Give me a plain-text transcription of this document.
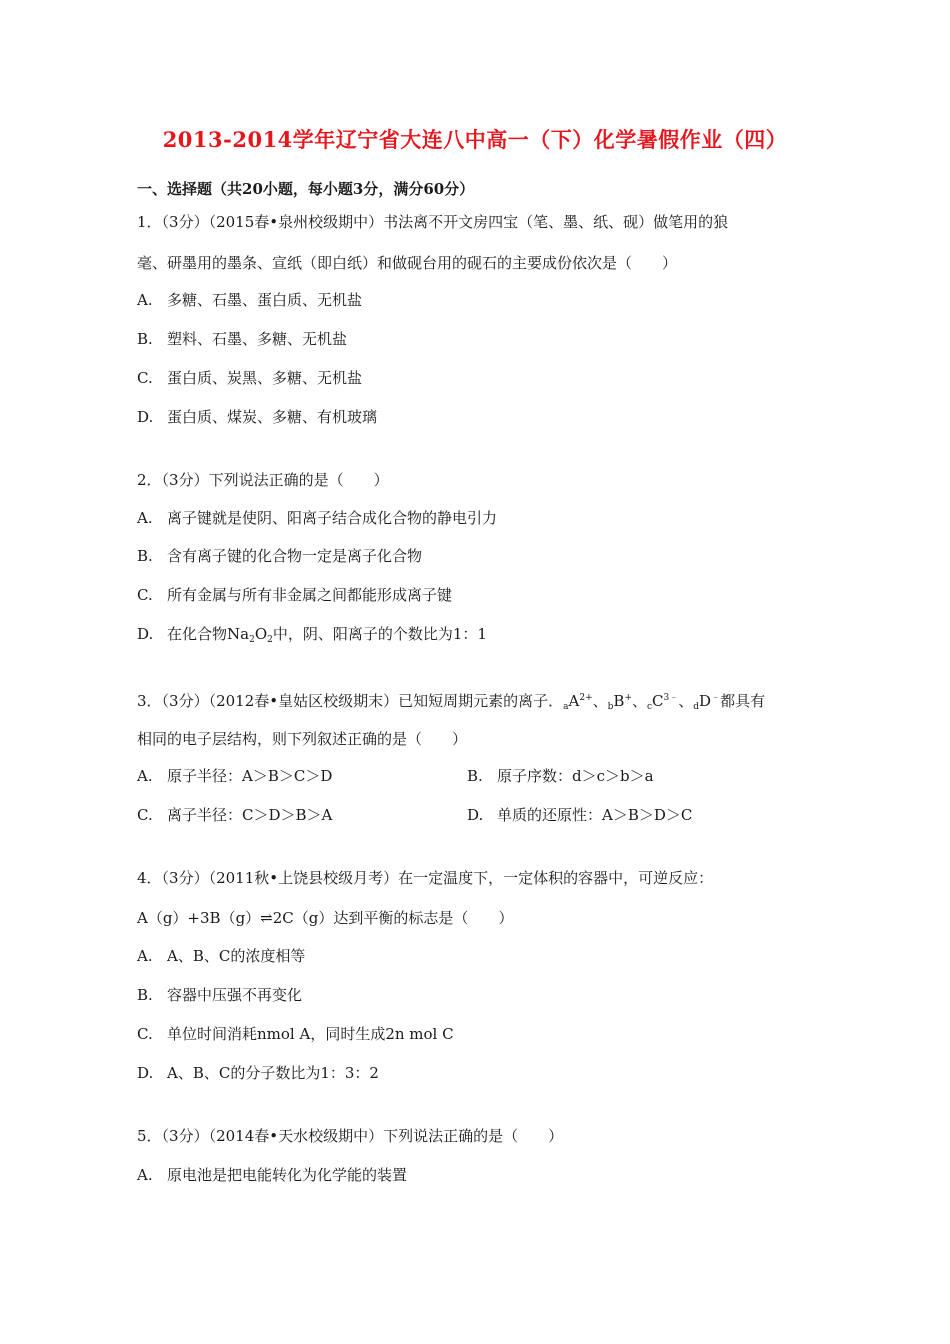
2013-2014学年辽宁省大连八中高一（下）化学暑假作业（四）
一、选择题（共20小题，每小题3分，满分60分）
1．（3分）（2015春•泉州校级期中）书法离不开文房四宝（笔、墨、纸、砚）做笔用的狼
毫、研墨用的墨条、宣纸（即白纸）和做砚台用的砚石的主要成份依次是（　　）
A. 多糖、石墨、蛋白质、无机盐
B. 塑料、石墨、多糖、无机盐
C. 蛋白质、炭黑、多糖、无机盐
D. 蛋白质、煤炭、多糖、有机玻璃
2．（3分）下列说法正确的是（　　）
A. 离子键就是使阴、阳离子结合成化合物的静电引力
B. 含有离子键的化合物一定是离子化合物
C. 所有金属与所有非金属之间都能形成离子键
D. 在化合物$Na_2O_2$中，阴、阳离子的个数比为1：1
3．（3分）（2012春•皇姑区校级期末）已知短周期元素的离子．$_aA^{2+}$、$_b$B+、$_cC^{3﹣}$、$_d$D﹣都具有
相同的电子层结构，则下列叙述正确的是（　　）
A. 原子半径：A＞B＞C＞D	B. 原子序数：d＞c＞b＞a
C. 离子半径：C＞D＞B＞A	D. 单质的还原性：A＞B＞D＞C
4．（3分）（2011秋•上饶县校级月考）在一定温度下，一定体积的容器中，可逆反应：
A（g）+3B（g）⇌2C（g）达到平衡的标志是（　　）
A. A、B、C的浓度相等
B. 容器中压强不再变化
C. 单位时间消耗nmol A，同时生成2n mol C
D. A、B、C的分子数比为1：3：2
5．（3分）（2014春•天水校级期中）下列说法正确的是（　　）
A. 原电池是把电能转化为化学能的装置
